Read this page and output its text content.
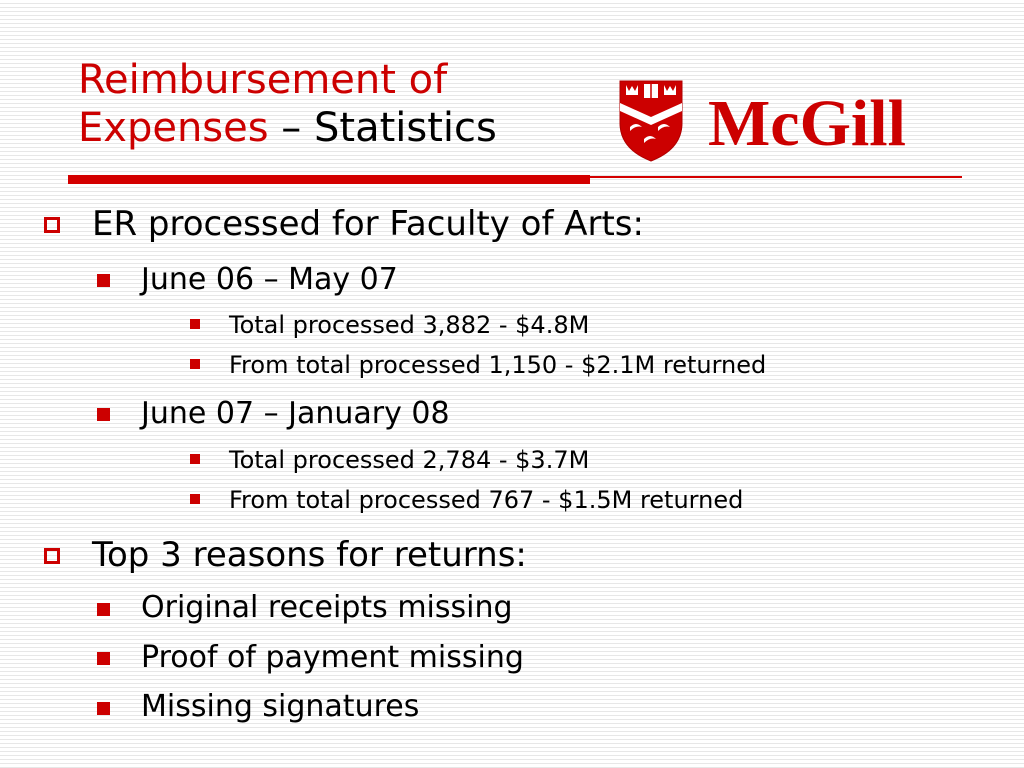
Reimbursement of
Expenses – Statistics	McGill
ER processed for Faculty of Arts:
June 06 – May 07
Total processed 3,882 - $4.8M
From total processed 1,150 - $2.1M returned
June 07 – January 08
Total processed 2,784 - $3.7M
From total processed 767 - $1.5M returned
Top 3 reasons for returns:
Original receipts missing
Proof of payment missing
Missing signatures
